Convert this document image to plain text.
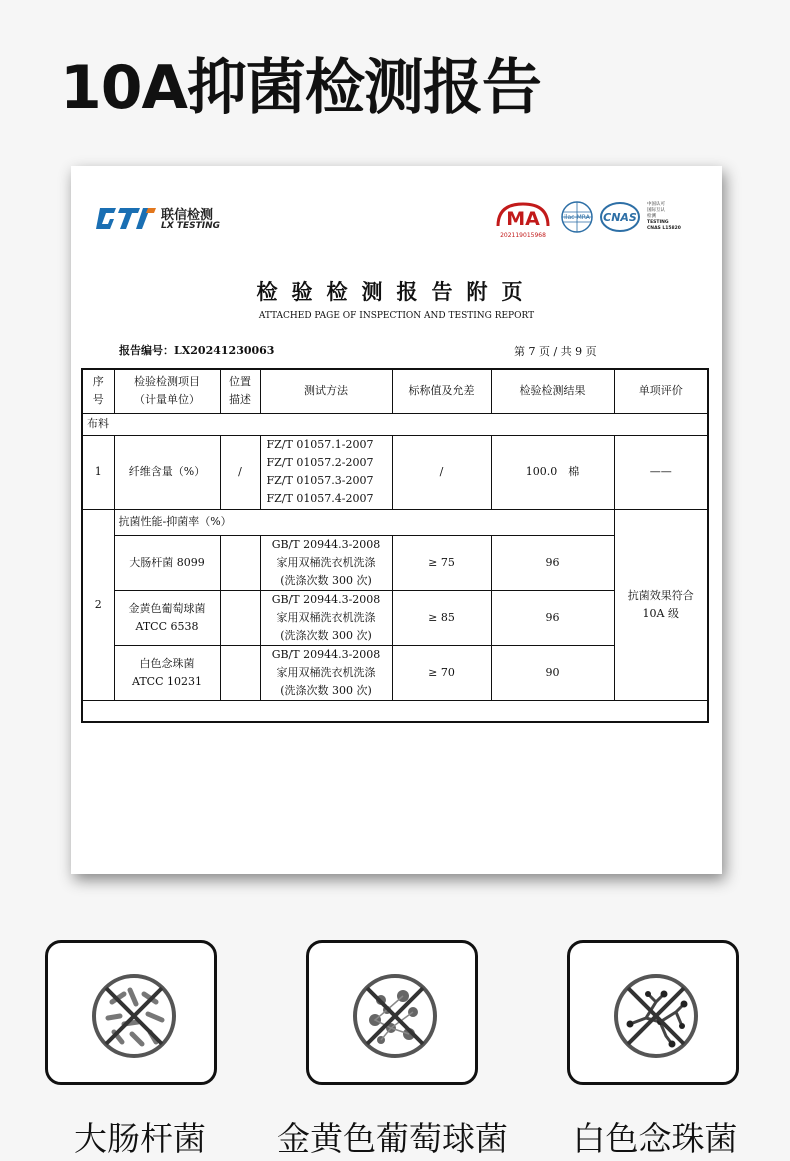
10A抑菌检测报告
联信检测
LX TESTING	MA
202119015968
ilac-MRA CNAS
中国认可
国际互认
检测
TESTING
CNAS L15820
检验检测报告附页
ATTACHED PAGE OF INSPECTION AND TESTING REPORT
报告编号：LX20241230063	第 7 页 / 共 9 页
序
号	检验检测项目
（计量单位）	位置
描述	测试方法	标称值及允差	检验检测结果	单项评价
布料						
1	纤维含量（%）	/	FZ/T 01057.1-2007
FZ/T 01057.2-2007
FZ/T 01057.3-2007
FZ/T 01057.4-2007	/	100.0　棉	——
2	抗菌性能-抑菌率（%）					抗菌效果符合
10A 级
	大肠杆菌 8099		GB/T 20944.3-2008
家用双桶洗衣机洗涤
(洗涤次数 300 次)	≥ 75	96	
	金黄色葡萄球菌
ATCC 6538		GB/T 20944.3-2008
家用双桶洗衣机洗涤
(洗涤次数 300 次)	≥ 85	96	
	白色念珠菌
ATCC 10231		GB/T 20944.3-2008
家用双桶洗衣机洗涤
(洗涤次数 300 次)	≥ 70	90	

大肠杆菌	金黄色葡萄球菌	白色念珠菌
